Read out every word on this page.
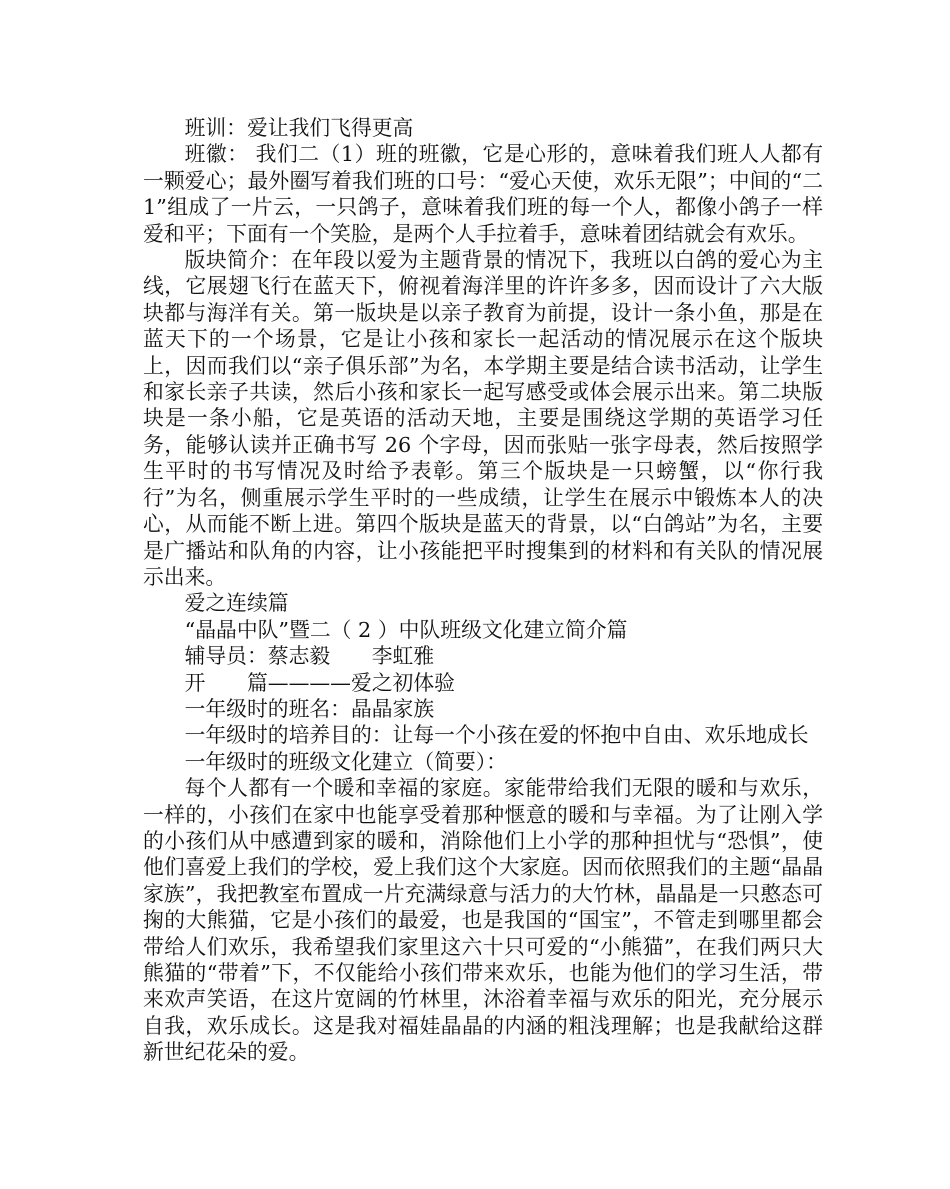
班训：爱让我们飞得更高

班徽： 我们二（1）班的班徽，它是心形的，意味着我们班人人都有一颗爱心；最外圈写着我们班的口号：“爱心天使，欢乐无限”；中间的“二 1”组成了一片云，一只鸽子，意味着我们班的每一个人，都像小鸽子一样爱和平；下面有一个笑脸，是两个人手拉着手，意味着团结就会有欢乐。

版块简介：在年段以爱为主题背景的情况下，我班以白鸽的爱心为主线，它展翅飞行在蓝天下，俯视着海洋里的许许多多，因而设计了六大版块都与海洋有关。第一版块是以亲子教育为前提，设计一条小鱼，那是在蓝天下的一个场景，它是让小孩和家长一起活动的情况展示在这个版块上，因而我们以“亲子俱乐部”为名，本学期主要是结合读书活动，让学生和家长亲子共读，然后小孩和家长一起写感受或体会展示出来。第二块版块是一条小船，它是英语的活动天地，主要是围绕这学期的英语学习任务，能够认读并正确书写 26 个字母，因而张贴一张字母表，然后按照学生平时的书写情况及时给予表彰。第三个版块是一只螃蟹，以“你行我行”为名，侧重展示学生平时的一些成绩，让学生在展示中锻炼本人的决心，从而能不断上进。第四个版块是蓝天的背景，以“白鸽站”为名，主要是广播站和队角的内容，让小孩能把平时搜集到的材料和有关队的情况展示出来。

爱之连续篇

“晶晶中队”暨二（ 2 ）中队班级文化建立简介篇

辅导员：蔡志毅　　李虹雅

开　　篇————爱之初体验

一年级时的班名：晶晶家族

一年级时的培养目的：让每一个小孩在爱的怀抱中自由、欢乐地成长

一年级时的班级文化建立（简要）：

每个人都有一个暖和幸福的家庭。家能带给我们无限的暖和与欢乐，一样的，小孩们在家中也能享受着那种惬意的暖和与幸福。为了让刚入学的小孩们从中感遭到家的暖和，消除他们上小学的那种担忧与“恐惧”，使他们喜爱上我们的学校，爱上我们这个大家庭。因而依照我们的主题“晶晶家族”，我把教室布置成一片充满绿意与活力的大竹林，晶晶是一只憨态可掬的大熊猫，它是小孩们的最爱，也是我国的“国宝”，不管走到哪里都会带给人们欢乐，我希望我们家里这六十只可爱的“小熊猫”，在我们两只大熊猫的“带着”下，不仅能给小孩们带来欢乐，也能为他们的学习生活，带来欢声笑语，在这片宽阔的竹林里，沐浴着幸福与欢乐的阳光，充分展示自我，欢乐成长。这是我对福娃晶晶的内涵的粗浅理解；也是我献给这群新世纪花朵的爱。
